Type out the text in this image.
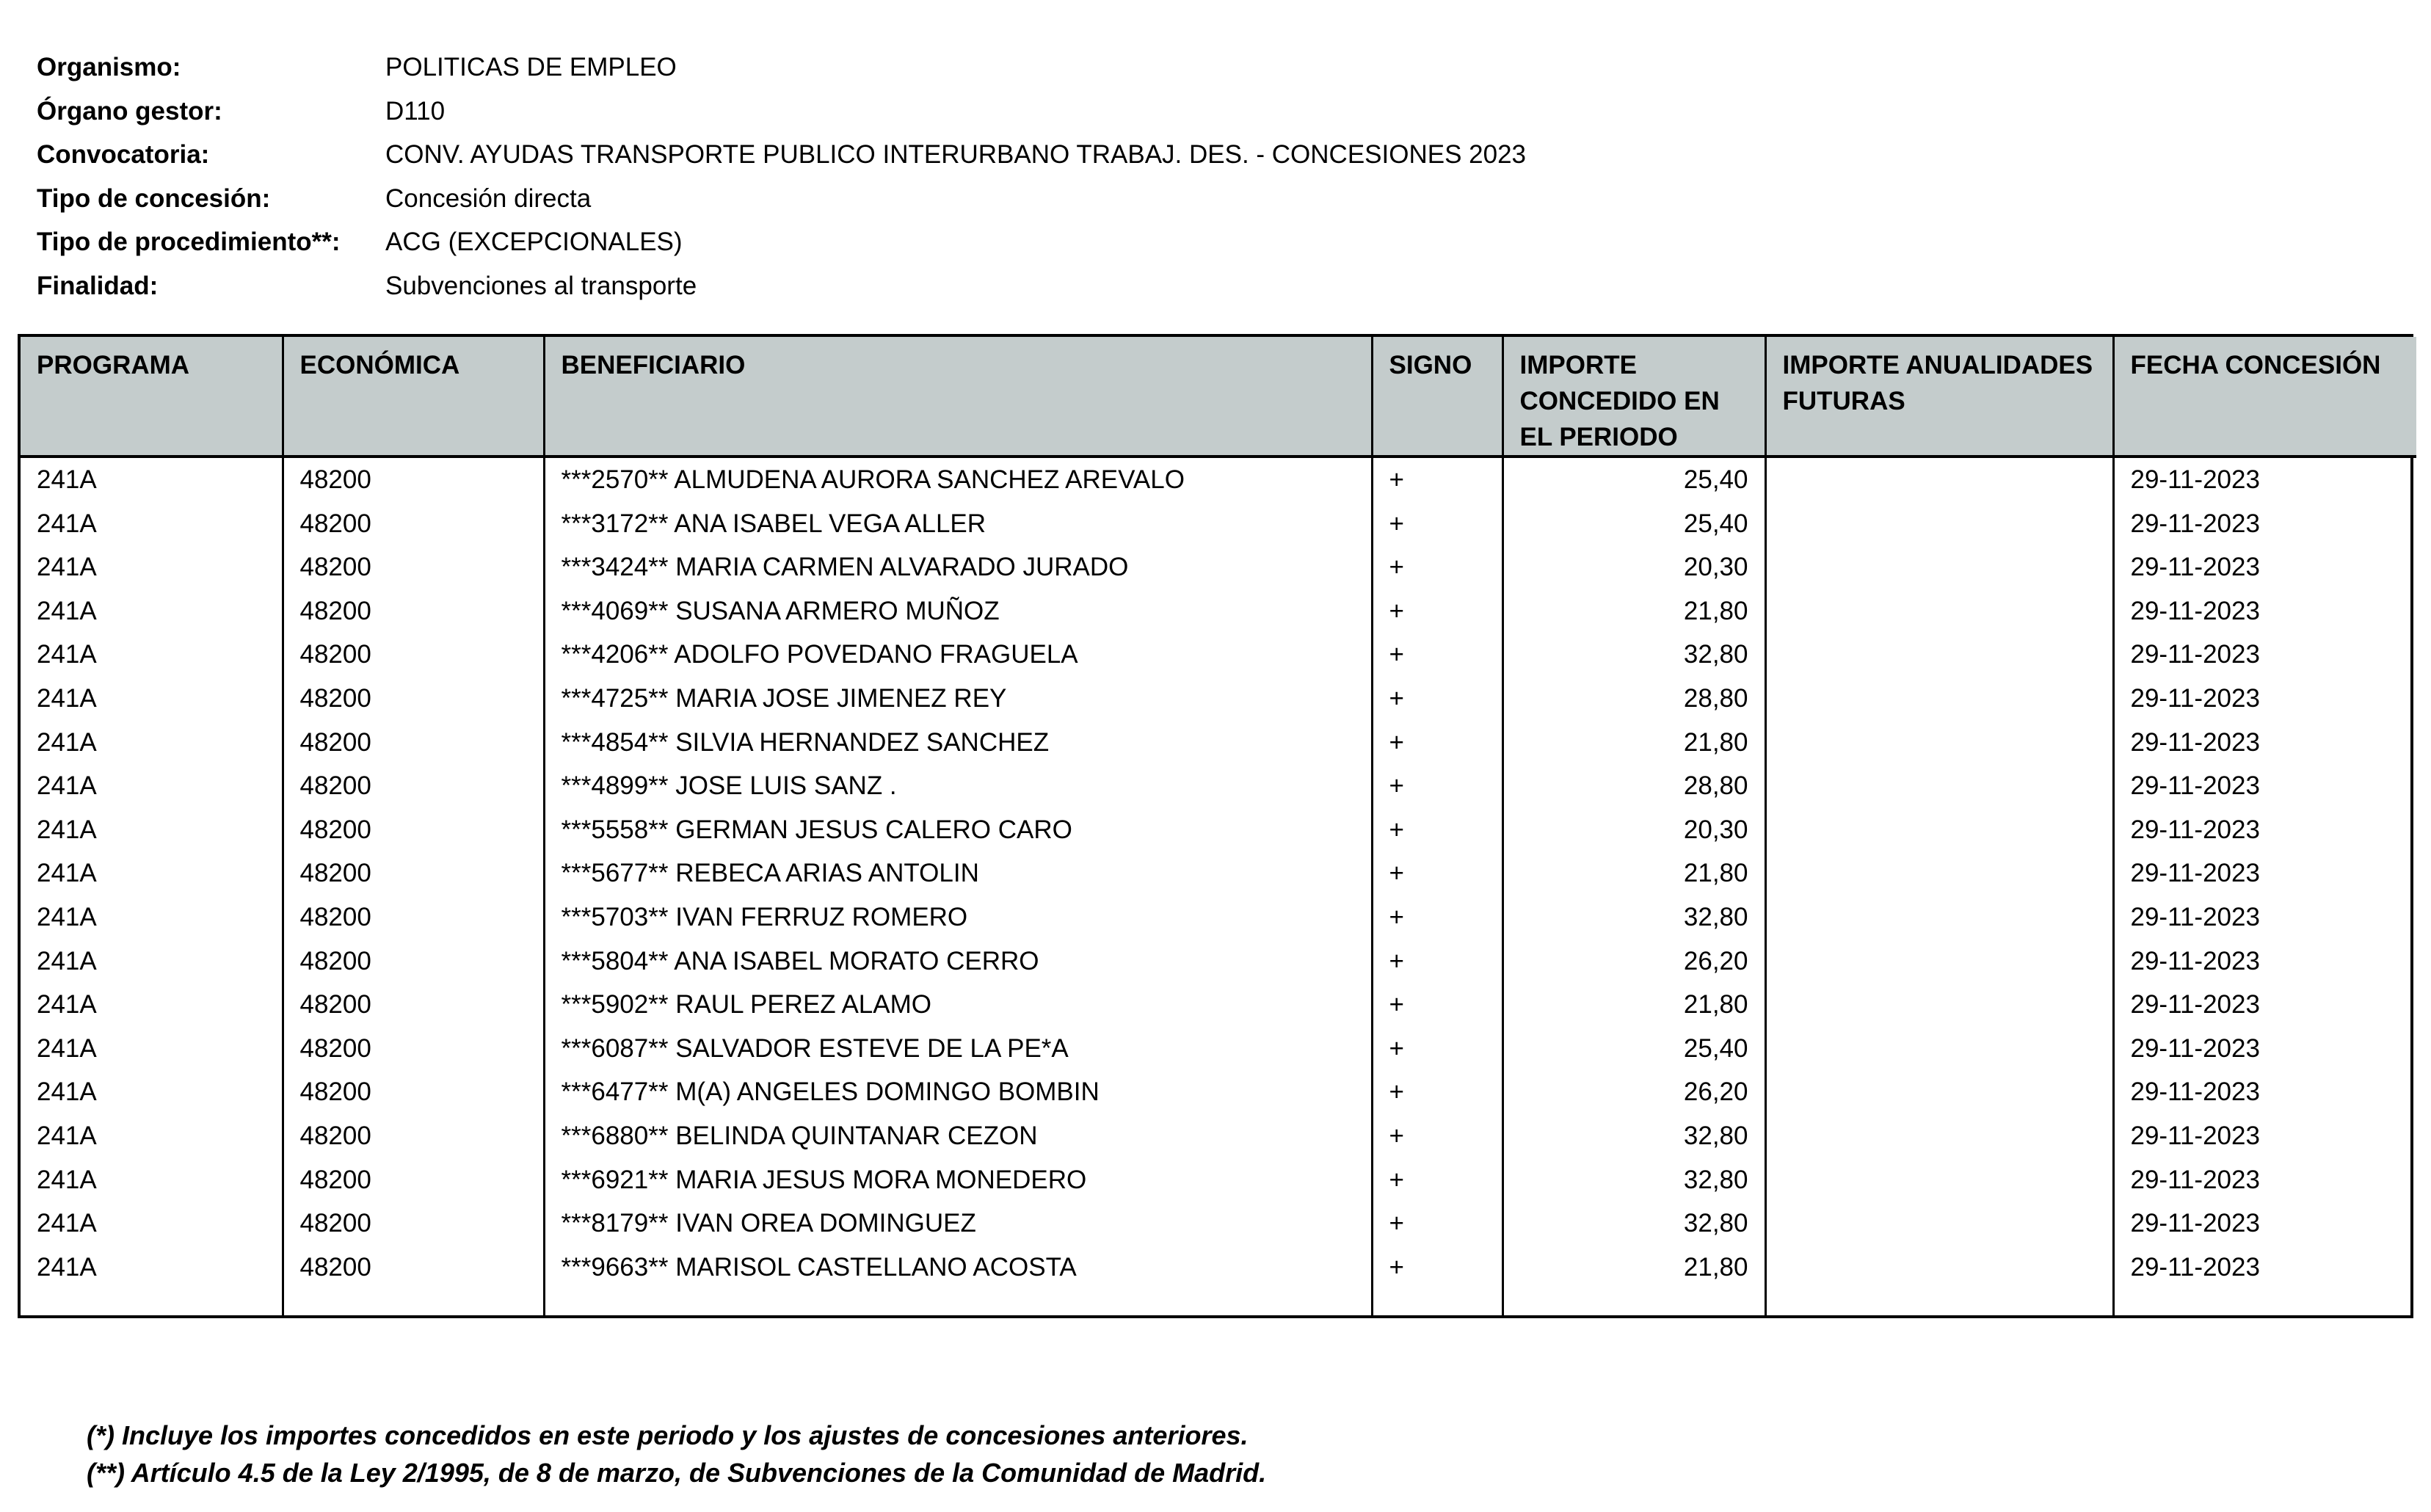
Organismo:	POLITICAS DE EMPLEO
Órgano gestor:	D110
Convocatoria:	CONV. AYUDAS TRANSPORTE PUBLICO INTERURBANO TRABAJ. DES. - CONCESIONES 2023
Tipo de concesión:	Concesión directa
Tipo de procedimiento**:	ACG (EXCEPCIONALES)
Finalidad:	Subvenciones al transporte
PROGRAMA	ECONÓMICA	BENEFICIARIO	SIGNO	IMPORTE CONCEDIDO EN EL PERIODO	IMPORTE ANUALIDADES FUTURAS	FECHA CONCESIÓN
241A	48200	***2570** ALMUDENA AURORA SANCHEZ AREVALO	+	25,40		29-11-2023
241A	48200	***3172** ANA ISABEL VEGA ALLER	+	25,40		29-11-2023
241A	48200	***3424** MARIA CARMEN ALVARADO JURADO	+	20,30		29-11-2023
241A	48200	***4069** SUSANA ARMERO MUÑOZ	+	21,80		29-11-2023
241A	48200	***4206** ADOLFO POVEDANO FRAGUELA	+	32,80		29-11-2023
241A	48200	***4725** MARIA JOSE JIMENEZ REY	+	28,80		29-11-2023
241A	48200	***4854** SILVIA HERNANDEZ SANCHEZ	+	21,80		29-11-2023
241A	48200	***4899** JOSE LUIS SANZ .	+	28,80		29-11-2023
241A	48200	***5558** GERMAN JESUS CALERO CARO	+	20,30		29-11-2023
241A	48200	***5677** REBECA ARIAS ANTOLIN	+	21,80		29-11-2023
241A	48200	***5703** IVAN FERRUZ ROMERO	+	32,80		29-11-2023
241A	48200	***5804** ANA ISABEL MORATO CERRO	+	26,20		29-11-2023
241A	48200	***5902** RAUL PEREZ ALAMO	+	21,80		29-11-2023
241A	48200	***6087** SALVADOR ESTEVE DE LA PE*A	+	25,40		29-11-2023
241A	48200	***6477** M(A) ANGELES DOMINGO BOMBIN	+	26,20		29-11-2023
241A	48200	***6880** BELINDA QUINTANAR CEZON	+	32,80		29-11-2023
241A	48200	***6921** MARIA JESUS MORA MONEDERO	+	32,80		29-11-2023
241A	48200	***8179** IVAN OREA DOMINGUEZ	+	32,80		29-11-2023
241A	48200	***9663** MARISOL CASTELLANO ACOSTA	+	21,80		29-11-2023

(*) Incluye los importes concedidos en este periodo y los ajustes de concesiones anteriores.
(**) Artículo 4.5 de la Ley 2/1995, de 8 de marzo, de Subvenciones de la Comunidad de Madrid.
